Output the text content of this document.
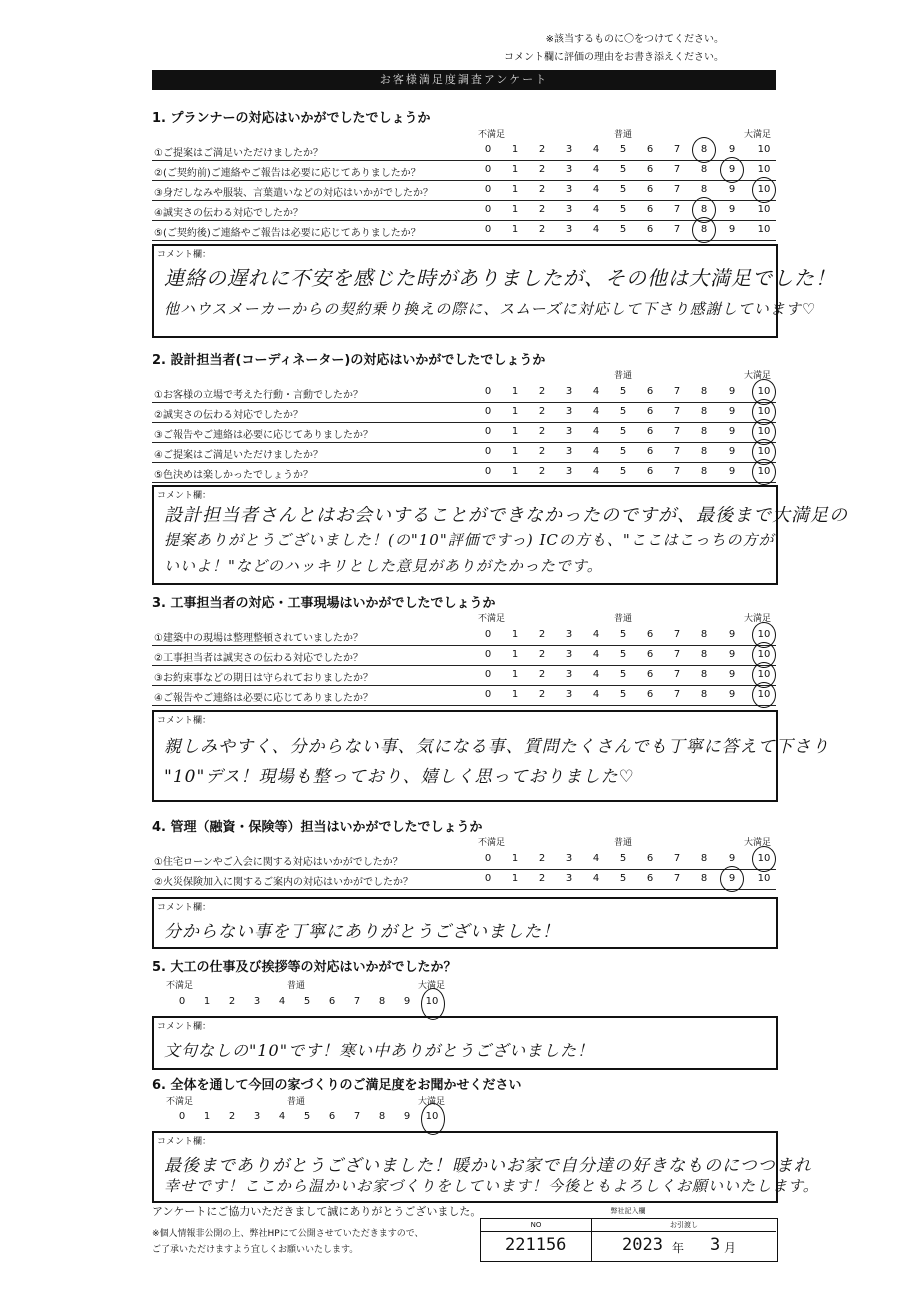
※該当するものに〇をつけてください。
コメント欄に評価の理由をお書き添えください。
お客様満足度調査アンケート
1. プランナーの対応はいかがでしたでしょうか
不満足	普通	大満足
①ご提案はご満足いただけましたか？	0	1	2	3	4	5	6	7	8	9	10
②(ご契約前)ご連絡やご報告は必要に応じてありましたか？	0	1	2	3	4	5	6	7	8	9	10
③身だしなみや服装、言葉遣いなどの対応はいかがでしたか？	0	1	2	3	4	5	6	7	8	9	10
④誠実さの伝わる対応でしたか？	0	1	2	3	4	5	6	7	8	9	10
⑤(ご契約後)ご連絡やご報告は必要に応じてありましたか？	0	1	2	3	4	5	6	7	8	9	10
コメント欄：
連絡の遅れに不安を感じた時がありましたが、その他は大満足でした！
他ハウスメーカーからの契約乗り換えの際に、スムーズに対応して下さり感謝しています♡
2. 設計担当者(コーディネーター)の対応はいかがでしたでしょうか
普通	大満足
①お客様の立場で考えた行動・言動でしたか？	0	1	2	3	4	5	6	7	8	9	10
②誠実さの伝わる対応でしたか？	0	1	2	3	4	5	6	7	8	9	10
③ご報告やご連絡は必要に応じてありましたか？	0	1	2	3	4	5	6	7	8	9	10
④ご提案はご満足いただけましたか？	0	1	2	3	4	5	6	7	8	9	10
⑤色決めは楽しかったでしょうか？	0	1	2	3	4	5	6	7	8	9	10
コメント欄：
設計担当者さんとはお会いすることができなかったのですが、最後まで大満足の
提案ありがとうございました！(の"10"評価ですっ) ICの方も、"ここはこっちの方が
いいよ！"などのハッキリとした意見がありがたかったです。
3. 工事担当者の対応・工事現場はいかがでしたでしょうか
不満足	普通	大満足
①建築中の現場は整理整頓されていましたか？	0	1	2	3	4	5	6	7	8	9	10
②工事担当者は誠実さの伝わる対応でしたか？	0	1	2	3	4	5	6	7	8	9	10
③お約束事などの期日は守られておりましたか？	0	1	2	3	4	5	6	7	8	9	10
④ご報告やご連絡は必要に応じてありましたか？	0	1	2	3	4	5	6	7	8	9	10
コメント欄：
親しみやすく、分からない事、気になる事、質問たくさんでも丁寧に答えて下さり
"10"デス！現場も整っており、嬉しく思っておりました♡
4. 管理（融資・保険等）担当はいかがでしたでしょうか
不満足	普通	大満足
①住宅ローンやご入会に関する対応はいかがでしたか？	0	1	2	3	4	5	6	7	8	9	10
②火災保険加入に関するご案内の対応はいかがでしたか？	0	1	2	3	4	5	6	7	8	9	10
コメント欄：
分からない事を丁寧にありがとうございました！
5. 大工の仕事及び挨拶等の対応はいかがでしたか？
不満足	普通	大満足
0	1	2	3	4	5	6	7	8	9	10
コメント欄：
文句なしの"10"です！寒い中ありがとうございました！
6. 全体を通して今回の家づくりのご満足度をお聞かせください
不満足	普通	大満足
0	1	2	3	4	5	6	7	8	9	10
コメント欄：
最後までありがとうございました！暖かいお家で自分達の好きなものにつつまれ
幸せです！ここから温かいお家づくりをしています！今後ともよろしくお願いいたします。
アンケートにご協力いただきまして誠にありがとうございました。
※個人情報非公開の上、弊社HPにて公開させていただきますので、
ご了承いただけますよう宜しくお願いいたします。
弊社記入欄
NO
221156
お引渡し
2023 年 3 月
